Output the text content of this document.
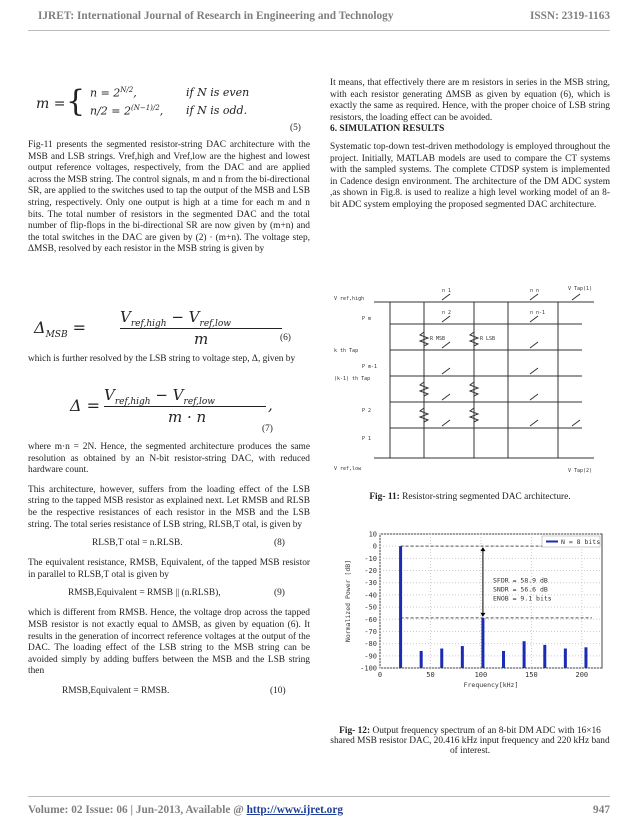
IJRET: International Journal of Research in Engineering and Technology	ISSN: 2319-1163
m = { $n = 2^{N/2}$,	if N is even
$n/2 = 2^{(N-1)/2}$, if N is odd.
(5)

Fig-11 presents the segmented resistor-string DAC architecture with the MSB and LSB strings. Vref,high and Vref,low are the highest and lowest output reference voltages, respectively, from the DAC and are applied across the MSB string. The control signals, m and n from the bi-directional SR, are applied to the switches used to tap the output of the MSB and LSB string, respectively. Only one output is high at a time for each m and n bits. The total number of resistors in the segmented DAC and the total number of flip-flops in the bi-directional SR are now given by (m+n) and the total switches in the DAC are given by (2) · (m+n). The voltage step, ΔMSB, resolved by each resistor in the MSB string is given by

$\Delta_{MSB}$ =
$V_{ref,high} - V_{ref,low}$
m	(6)

which is further resolved by the LSB string to voltage step, Δ, given by

Δ =
$V_{ref,high} - V_{ref,low}$
m · n
,
(7)

where m·n = 2N. Hence, the segmented architecture produces the same resolution as obtained by an N-bit resistor-string DAC, with reduced hardware count.

This architecture, however, suffers from the loading effect of the LSB string to the tapped MSB resistor as explained next. Let RMSB and RLSB be the respective resistances of each resistor in the MSB and the LSB string. The total series resistance of LSB string, RLSB,T otal, is given by

RLSB,T otal = n.RLSB.	(8)

The equivalent resistance, RMSB, Equivalent, of the tapped MSB resistor in parallel to RLSB,T otal is given by

RMSB,Equivalent = RMSB || (n.RLSB),	(9)

which is different from RMSB. Hence, the voltage drop across the tapped MSB resistor is not exactly equal to ΔMSB, as given by equation (6). It results in the generation of incorrect reference voltages at the output of the DAC. The loading effect of the LSB string to the MSB string can be avoided simply by adding buffers between the MSB and the LSB string then

RMSB,Equivalent = RMSB.	(10)

It means, that effectively there are m resistors in series in the MSB string, with each resistor generating ΔMSB as given by equation (6), which is exactly the same as required. Hence, with the proper choice of LSB string resistors, the loading effect can be avoided.

6. SIMULATION RESULTS

Systematic top-down test-driven methodology is employed throughout the project. Initially, MATLAB models are used to compare the CT systems with the sampled systems. The complete CTDSP system is implemented in Cadence design environment. The architecture of the DM ADC system ,as shown in Fig.8. is used to realize a high level working model of an 8-bit ADC system employing the proposed segmented DAC architecture.

V ref,high
V ref,low
V Tap(1)
V Tap(2)
k th Tap
(k-1) th Tap
P m
P m-1
P 2
P 1
R MSB	R LSB
n 1
n 2
n n
n n-1
Fig- 11: Resistor-string segmented DAC architecture.
10
0
-10
-20
-30
-40
-50
-60
-70
-80
-90
-100
0	50	100	150	200
Frequency[kHz]
Normalized Power [dB]
N = 8 bits
SFDR = 58.9 dB
SNDR = 56.6 dB
ENOB = 9.1 bits
Fig- 12: Output frequency spectrum of an 8-bit DM ADC with 16×16 shared MSB resistor DAC, 20.416 kHz input frequency and 220 kHz band of interest.
Volume: 02 Issue: 06 | Jun-2013, Available @ http://www.ijret.org	947
